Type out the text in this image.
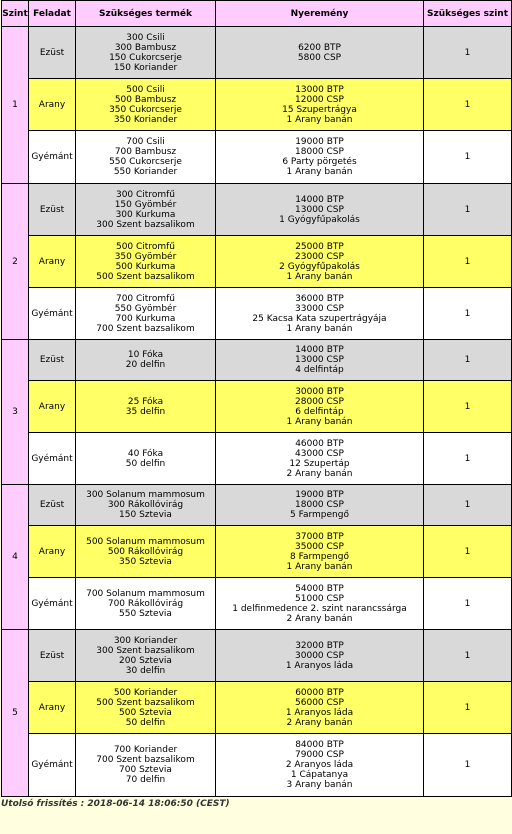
Szint	Feladat	Szükséges termék	Nyeremény	Szükséges szint
1	Ezüst	300 Csili
300 Bambusz
150 Cukorcserje
150 Koriander	6200 BTP
5800 CSP	1
	Arany	500 Csili
500 Bambusz
350 Cukorcserje
350 Koriander	13000 BTP
12000 CSP
15 Szupertrágya
1 Arany banán	1
	Gyémánt	700 Csili
700 Bambusz
550 Cukorcserje
550 Koriander	19000 BTP
18000 CSP
6 Party pörgetés
1 Arany banán	1
2	Ezüst	300 Citromfű
150 Gyömbér
300 Kurkuma
300 Szent bazsalikom	14000 BTP
13000 CSP
1 Gyógyfűpakolás	1
	Arany	500 Citromfű
350 Gyömbér
500 Kurkuma
500 Szent bazsalikom	25000 BTP
23000 CSP
2 Gyógyfűpakolás
1 Arany banán	1
	Gyémánt	700 Citromfű
550 Gyömbér
700 Kurkuma
700 Szent bazsalikom	36000 BTP
33000 CSP
25 Kacsa Kata szupertrágyája
1 Arany banán	1
3	Ezüst	10 Fóka
20 delfin	14000 BTP
13000 CSP
4 delfintáp	1
	Arany	25 Fóka
35 delfin	30000 BTP
28000 CSP
6 delfintáp
1 Arany banán	1
	Gyémánt	40 Fóka
50 delfin	46000 BTP
43000 CSP
12 Szupertáp
2 Arany banán	1
4	Ezüst	300 Solanum mammosum
300 Rákollóvirág
150 Sztevia	19000 BTP
18000 CSP
5 Farmpengő	1
	Arany	500 Solanum mammosum
500 Rákollóvirág
350 Sztevia	37000 BTP
35000 CSP
8 Farmpengő
1 Arany banán	1
	Gyémánt	700 Solanum mammosum
700 Rákollóvirág
550 Sztevia	54000 BTP
51000 CSP
1 delfinmedence 2. szint narancssárga
2 Arany banán	1
5	Ezüst	300 Koriander
300 Szent bazsalikom
200 Sztevia
30 delfin	32000 BTP
30000 CSP
1 Aranyos láda	1
	Arany	500 Koriander
500 Szent bazsalikom
500 Sztevia
50 delfin	60000 BTP
56000 CSP
1 Aranyos láda
2 Arany banán	1
	Gyémánt	700 Koriander
700 Szent bazsalikom
700 Sztevia
70 delfin	84000 BTP
79000 CSP
2 Aranyos láda
1 Cápatanya
3 Arany banán	1
Utolsó frissítés : 2018-06-14 18:06:50 (CEST)
